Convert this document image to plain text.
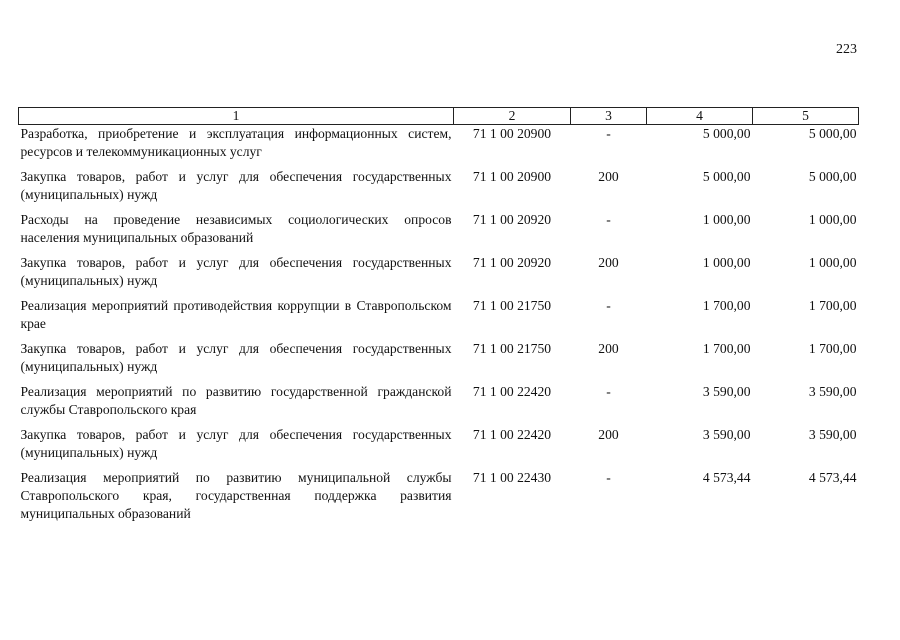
223
1	2	3	4	5
Разработка, приобретение и эксплуатация информационных систем, ресурсов и телекоммуникационных услуг	71 1 00 20900	-	5 000,00	5 000,00
Закупка товаров, работ и услуг для обеспечения государственных (муниципальных) нужд	71 1 00 20900	200	5 000,00	5 000,00
Расходы на проведение независимых социологических опросов населения муниципальных образований	71 1 00 20920	-	1 000,00	1 000,00
Закупка товаров, работ и услуг для обеспечения государственных (муниципальных) нужд	71 1 00 20920	200	1 000,00	1 000,00
Реализация мероприятий противодействия коррупции в Ставропольском крае	71 1 00 21750	-	1 700,00	1 700,00
Закупка товаров, работ и услуг для обеспечения государственных (муниципальных) нужд	71 1 00 21750	200	1 700,00	1 700,00
Реализация мероприятий по развитию государственной гражданской службы Ставропольского края	71 1 00 22420	-	3 590,00	3 590,00
Закупка товаров, работ и услуг для обеспечения государственных (муниципальных) нужд	71 1 00 22420	200	3 590,00	3 590,00
Реализация мероприятий по развитию муниципальной службы Ставропольского края, государственная поддержка развития муниципальных образований	71 1 00 22430	-	4 573,44	4 573,44
